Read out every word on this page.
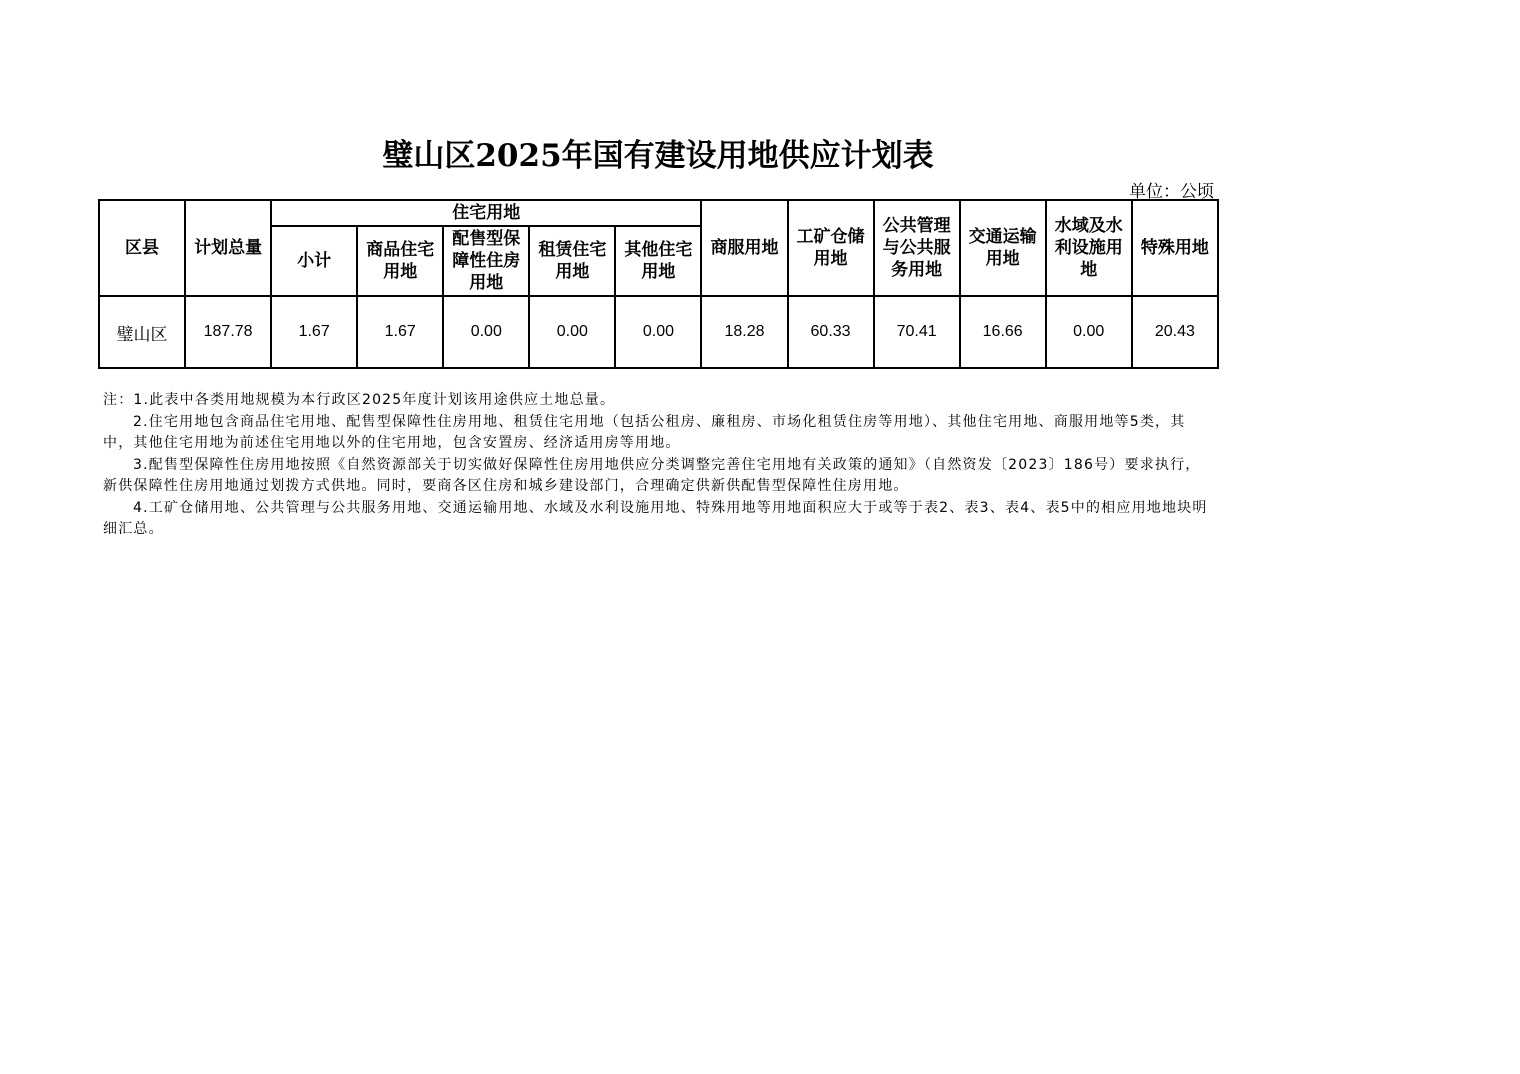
璧山区2025年国有建设用地供应计划表
单位：公顷
区县	计划总量	住宅用地					商服用地	工矿仓储用地	公共管理与公共服务用地	交通运输用地	水域及水利设施用地	特殊用地
		小计	商品住宅用地	配售型保障性住房用地	租赁住宅用地	其他住宅用地						
璧山区	187.78	1.67	1.67	0.00	0.00	0.00	18.28	60.33	70.41	16.66	0.00	20.43

注：1.此表中各类用地规模为本行政区2025年度计划该用途供应土地总量。

2.住宅用地包含商品住宅用地、配售型保障性住房用地、租赁住宅用地（包括公租房、廉租房、市场化租赁住房等用地）、其他住宅用地、商服用地等5类，其中，其他住宅用地为前述住宅用地以外的住宅用地，包含安置房、经济适用房等用地。

3.配售型保障性住房用地按照《自然资源部关于切实做好保障性住房用地供应分类调整完善住宅用地有关政策的通知》（自然资发〔2023〕186号）要求执行，新供保障性住房用地通过划拨方式供地。同时，要商各区住房和城乡建设部门，合理确定供新供配售型保障性住房用地。

4.工矿仓储用地、公共管理与公共服务用地、交通运输用地、水域及水利设施用地、特殊用地等用地面积应大于或等于表2、表3、表4、表5中的相应用地地块明细汇总。
